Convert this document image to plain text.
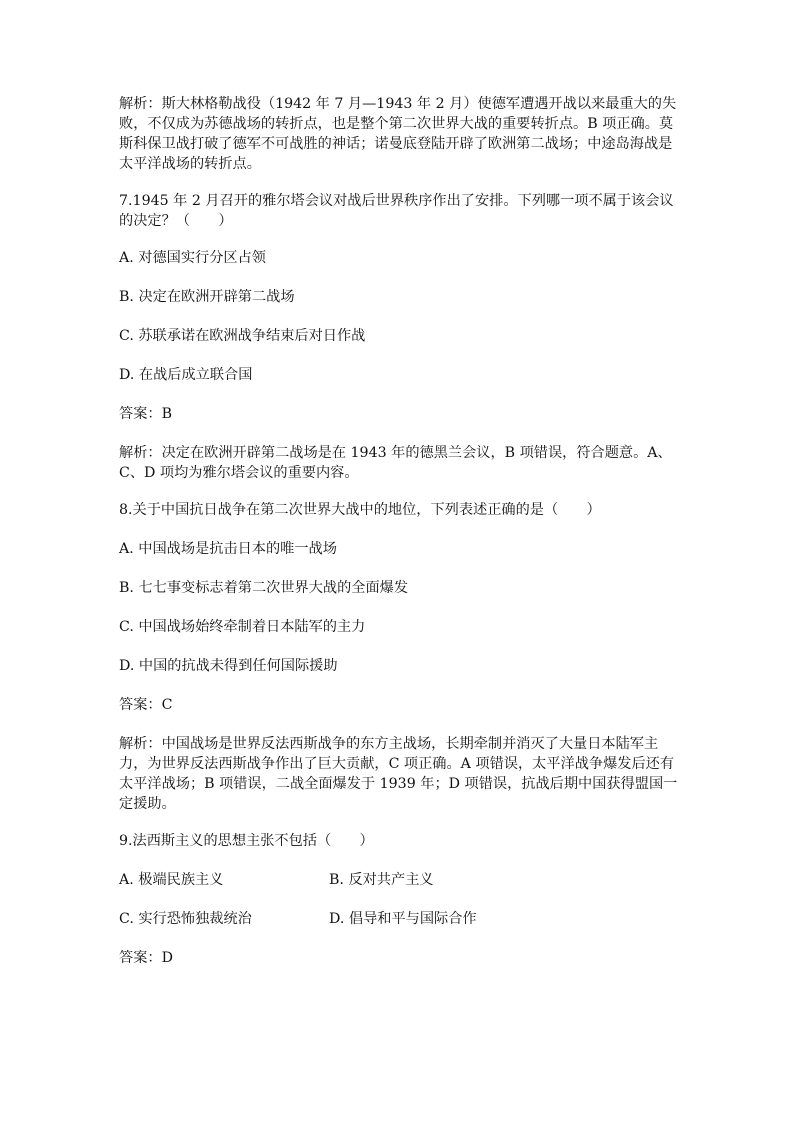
解析：斯大林格勒战役（1942 年 7 月—1943 年 2 月）使德军遭遇开战以来最重大的失败，不仅成为苏德战场的转折点，也是整个第二次世界大战的重要转折点。B 项正确。莫斯科保卫战打破了德军不可战胜的神话；诺曼底登陆开辟了欧洲第二战场；中途岛海战是太平洋战场的转折点。

7.1945 年 2 月召开的雅尔塔会议对战后世界秩序作出了安排。下列哪一项不属于该会议的决定？（　　）

A. 对德国实行分区占领
B. 决定在欧洲开辟第二战场
C. 苏联承诺在欧洲战争结束后对日作战
D. 在战后成立联合国
答案：B

解析：决定在欧洲开辟第二战场是在 1943 年的德黑兰会议，B 项错误，符合题意。A、C、D 项均为雅尔塔会议的重要内容。

8.关于中国抗日战争在第二次世界大战中的地位，下列表述正确的是（　　）
A. 中国战场是抗击日本的唯一战场
B. 七七事变标志着第二次世界大战的全面爆发
C. 中国战场始终牵制着日本陆军的主力
D. 中国的抗战未得到任何国际援助
答案：C

解析：中国战场是世界反法西斯战争的东方主战场，长期牵制并消灭了大量日本陆军主力，为世界反法西斯战争作出了巨大贡献，C 项正确。A 项错误，太平洋战争爆发后还有太平洋战场；B 项错误，二战全面爆发于 1939 年；D 项错误，抗战后期中国获得盟国一定援助。

9.法西斯主义的思想主张不包括（　　）
A. 极端民族主义	B. 反对共产主义
C. 实行恐怖独裁统治	D. 倡导和平与国际合作
答案：D
